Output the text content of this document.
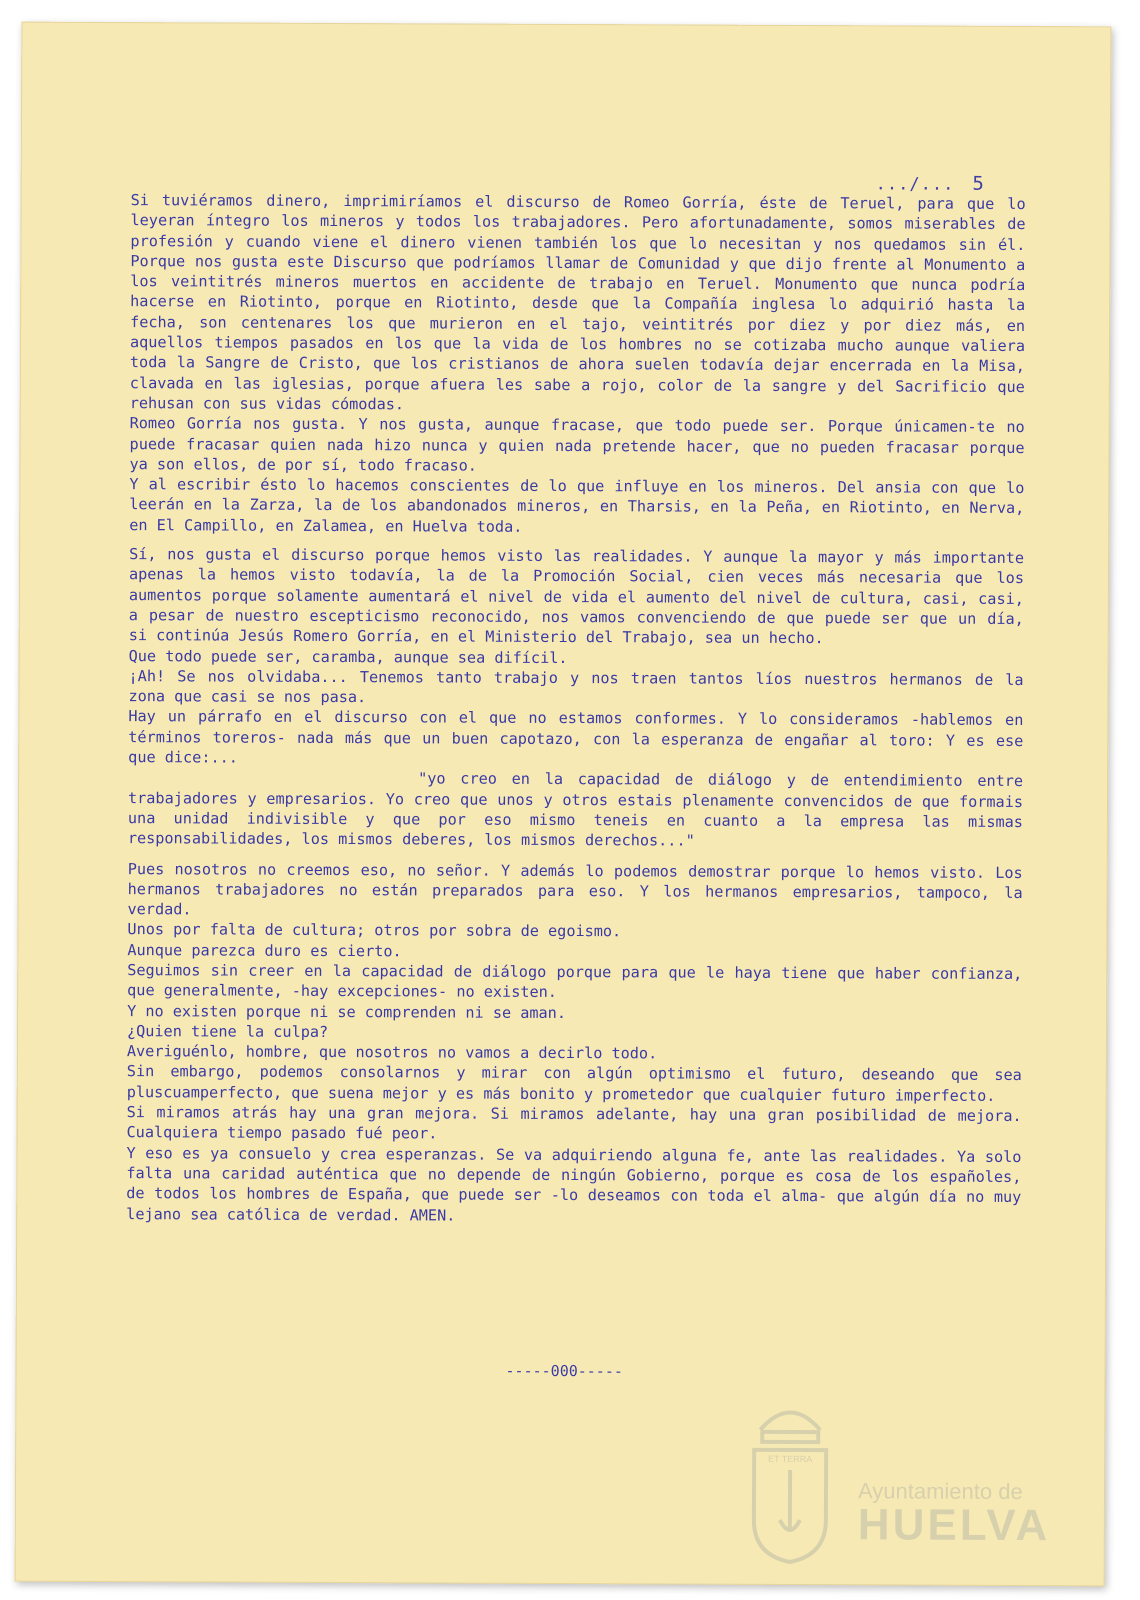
.../... 5

Si tuviéramos dinero, imprimiríamos el discurso de Romeo Gorría, éste de Teruel, para que lo leyeran íntegro los mineros y todos los trabajadores. Pero afortunadamente, somos miserables de profesión y cuando viene el dinero vienen también los que lo necesitan y nos quedamos sin él. Porque nos gusta este Discurso que podríamos llamar de Comunidad y que dijo frente al Monumento a los veintitrés mineros muertos en accidente de trabajo en Teruel. Monumento que nunca podría hacerse en Riotinto, porque en Riotinto, desde que la Compañía inglesa lo adquirió hasta la fecha, son centenares los que murieron en el tajo, veintitrés por diez y por diez más, en aquellos tiempos pasados en los que la vida de los hombres no se cotizaba mucho aunque valiera toda la Sangre de Cristo, que los cristianos de ahora suelen todavía dejar encerrada en la Misa, clavada en las iglesias, porque afuera les sabe a rojo, color de la sangre y del Sacrificio que rehusan con sus vidas cómodas.

Romeo Gorría nos gusta. Y nos gusta, aunque fracase, que todo puede ser. Porque únicamen-te no puede fracasar quien nada hizo nunca y quien nada pretende hacer, que no pueden fracasar porque ya son ellos, de por sí, todo fracaso.

Y al escribir ésto lo hacemos conscientes de lo que influye en los mineros. Del ansia con que lo leerán en la Zarza, la de los abandonados mineros, en Tharsis, en la Peña, en Riotinto, en Nerva, en El Campillo, en Zalamea, en Huelva toda.

Sí, nos gusta el discurso porque hemos visto las realidades. Y aunque la mayor y más importante apenas la hemos visto todavía, la de la Promoción Social, cien veces más necesaria que los aumentos porque solamente aumentará el nivel de vida el aumento del nivel de cultura, casi, casi, a pesar de nuestro escepticismo reconocido, nos vamos convenciendo de que puede ser que un día, si continúa Jesús Romero Gorría, en el Ministerio del Trabajo, sea un hecho.

Que todo puede ser, caramba, aunque sea difícil.

¡Ah! Se nos olvidaba... Tenemos tanto trabajo y nos traen tantos líos nuestros hermanos de la zona que casi se nos pasa.

Hay un párrafo en el discurso con el que no estamos conformes. Y lo consideramos -hablemos en términos toreros- nada más que un buen capotazo, con la esperanza de engañar al toro: Y es ese que dice:...

"yo creo en la capacidad de diálogo y de entendimiento entre trabajadores y empresarios. Yo creo que unos y otros estais plenamente convencidos de que formais una unidad indivisible y que por eso mismo teneis en cuanto a la empresa las mismas responsabilidades, los mismos deberes, los mismos derechos..."

Pues nosotros no creemos eso, no señor. Y además lo podemos demostrar porque lo hemos visto. Los hermanos trabajadores no están preparados para eso. Y los hermanos empresarios, tampoco, la verdad.

Unos por falta de cultura; otros por sobra de egoismo.

Aunque parezca duro es cierto.

Seguimos sin creer en la capacidad de diálogo porque para que le haya tiene que haber confianza, que generalmente, -hay excepciones- no existen.

Y no existen porque ni se comprenden ni se aman.

¿Quien tiene la culpa?

Averiguénlo, hombre, que nosotros no vamos a decirlo todo.

Sin embargo, podemos consolarnos y mirar con algún optimismo el futuro, deseando que sea pluscuamperfecto, que suena mejor y es más bonito y prometedor que cualquier futuro imperfecto.

Si miramos atrás hay una gran mejora. Si miramos adelante, hay una gran posibilidad de mejora. Cualquiera tiempo pasado fué peor.

Y eso es ya consuelo y crea esperanzas. Se va adquiriendo alguna fe, ante las realidades. Ya solo falta una caridad auténtica que no depende de ningún Gobierno, porque es cosa de los españoles, de todos los hombres de España, que puede ser -lo deseamos con toda el alma- que algún día no muy lejano sea católica de verdad. AMEN.

-----000-----
ET TERRA
Ayuntamiento de
HUELVA
